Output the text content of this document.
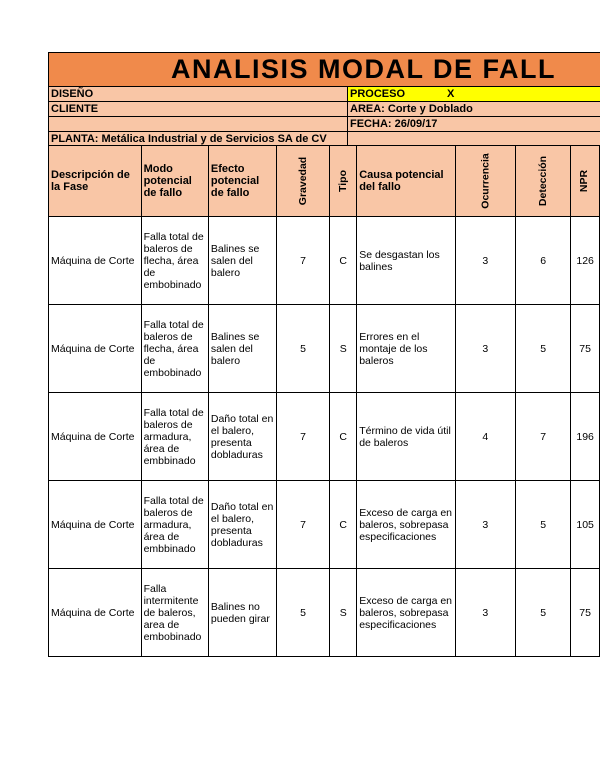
ANALISIS MODAL DE FALL
DISEÑO	PROCESO	X
CLIENTE	AREA: Corte y Doblado
FECHA: 26/09/17
PLANTA: Metálica Industrial y de Servicios SA de CV
Descripción de la Fase	Modo potencial de fallo	Efecto potencial de fallo	Gravedad	Tipo	Causa potencial del fallo	Ocurrencia	Detección	NPR
Máquina de Corte	Falla total de baleros de flecha, área de embobinado	Balines se salen del balero	7	C	Se desgastan los balines	3	6	126
Máquina de Corte	Falla total de baleros de flecha, área de embobinado	Balines se salen del balero	5	S	Errores en el montaje de los baleros	3	5	75
Máquina de Corte	Falla total de baleros de armadura, área de embbinado	Daño total en el balero, presenta dobladuras	7	C	Término de vida útil de baleros	4	7	196
Máquina de Corte	Falla total de baleros de armadura, área de embbinado	Daño total en el balero, presenta dobladuras	7	C	Exceso de carga en baleros, sobrepasa especificaciones	3	5	105
Máquina de Corte	Falla intermitente de baleros, area de embobinado	Balines no pueden girar	5	S	Exceso de carga en baleros, sobrepasa especificaciones	3	5	75
